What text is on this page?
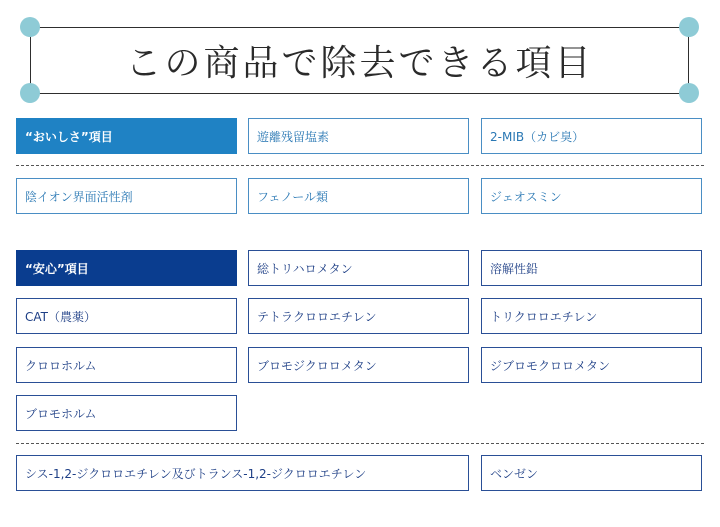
この商品で除去できる項目
“おいしさ”項目	遊離残留塩素	2-MIB（カビ臭）
陰イオン界面活性剤	フェノール類	ジェオスミン
“安心”項目	総トリハロメタン	溶解性鉛
CAT（農薬）	テトラクロロエチレン	トリクロロエチレン
クロロホルム	ブロモジクロロメタン	ジブロモクロロメタン
ブロモホルム
シス-1,2-ジクロロエチレン及びトランス-1,2-ジクロロエチレン	ベンゼン
